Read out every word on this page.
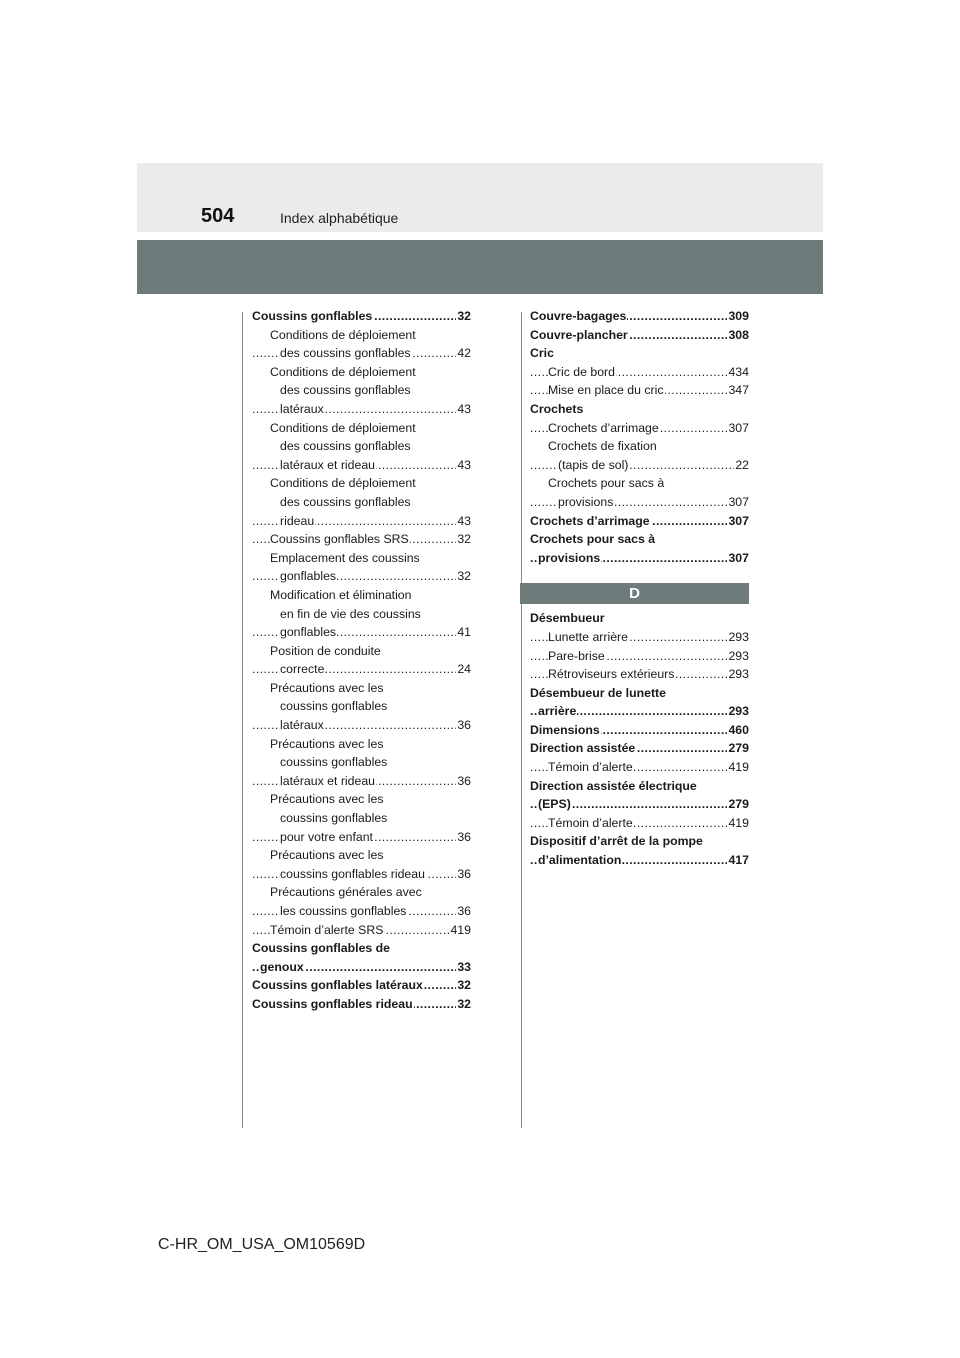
504	Index alphabétique
..... Coussins gonflables	32
Conditions de déploiement
..... des coussins gonflables	42
Conditions de déploiement
des coussins gonflables
..... latéraux	43
Conditions de déploiement
des coussins gonflables
..... latéraux et rideau	43
Conditions de déploiement
des coussins gonflables
..... rideau	43
..... Coussins gonflables SRS	32
Emplacement des coussins
..... gonflables	32
Modification et élimination
en fin de vie des coussins
..... gonflables	41
Position de conduite
..... correcte	24
Précautions avec les
coussins gonflables
..... latéraux	36
Précautions avec les
coussins gonflables
..... latéraux et rideau	36
Précautions avec les
coussins gonflables
..... pour votre enfant	36
Précautions avec les
..... coussins gonflables rideau	36
Précautions générales avec
..... les coussins gonflables	36
..... Témoin d’alerte SRS	419
Coussins gonflables de
..... genoux	33
..... Coussins gonflables latéraux	32
..... Coussins gonflables rideau	32
..... Couvre-bagages	309
..... Couvre-plancher	308
Cric
..... Cric de bord	434
..... Mise en place du cric	347
Crochets
..... Crochets d’arrimage	307
Crochets de fixation
..... (tapis de sol)	22
Crochets pour sacs à
..... provisions	307
..... Crochets d’arrimage	307
Crochets pour sacs à
..... provisions	307
D
Désembueur
..... Lunette arrière	293
..... Pare-brise	293
..... Rétroviseurs extérieurs	293
Désembueur de lunette
..... arrière	293
..... Dimensions	460
..... Direction assistée	279
..... Témoin d’alerte	419
Direction assistée électrique
..... (EPS)	279
..... Témoin d’alerte	419
Dispositif d’arrêt de la pompe
..... d’alimentation	417
C-HR_OM_USA_OM10569D
